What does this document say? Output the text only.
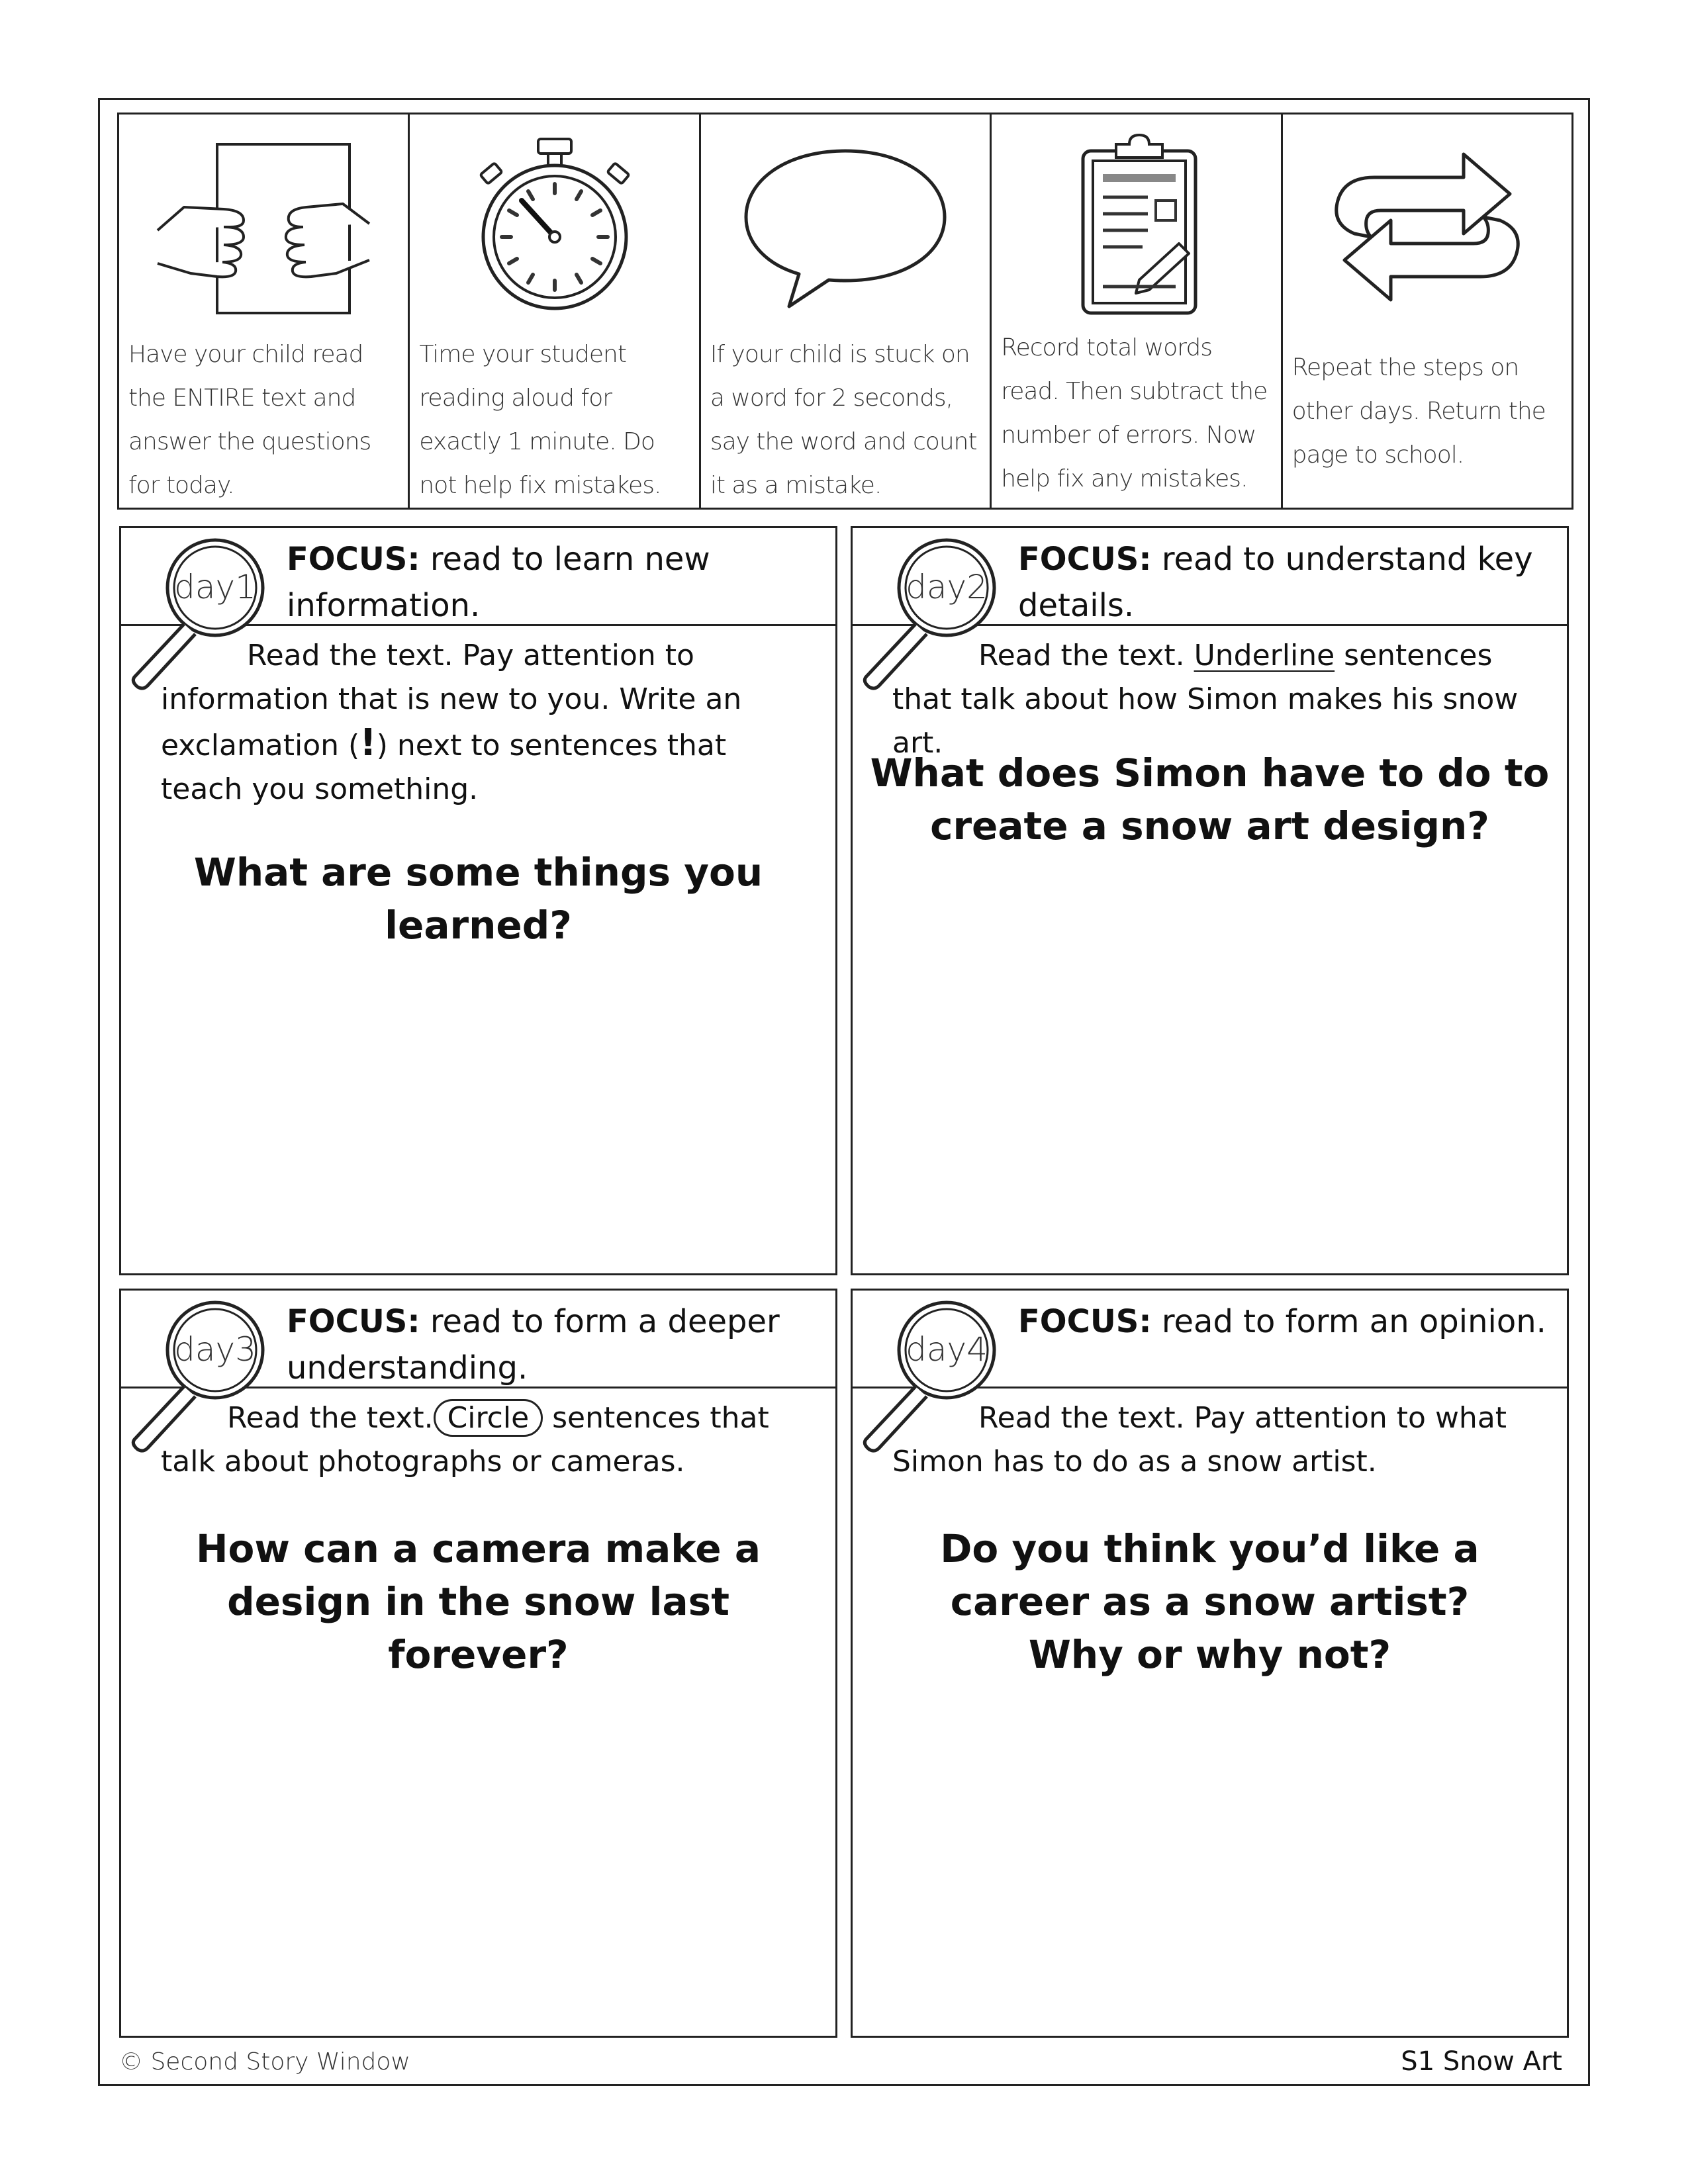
Have your child read the ENTIRE text and answer the questions for today.
Time your student reading aloud for exactly 1 minute. Do not help fix mistakes.
If your child is stuck on a word for 2 seconds, say the word and count it as a mistake.
Record total words read. Then subtract the number of errors. Now help fix any mistakes.
Repeat the steps on other days. Return the page to school.
day1
FOCUS: read to learn new information.
Read the text. Pay attention to information that is new to you. Write an exclamation (!) next to sentences that teach you something.
What are some things you learned?
day2
FOCUS: read to understand key details.
Read the text. Underline sentences that talk about how Simon makes his snow art.
What does Simon have to do to create a snow art design?
day3
FOCUS: read to form a deeper understanding.
Read the text. Circle sentences that talk about photographs or cameras.
How can a camera make a design in the snow last forever?
day4
FOCUS: read to form an opinion.
Read the text. Pay attention to what Simon has to do as a snow artist.
Do you think you’d like a career as a snow artist? Why or why not?
© Second Story Window	S1 Snow Art
